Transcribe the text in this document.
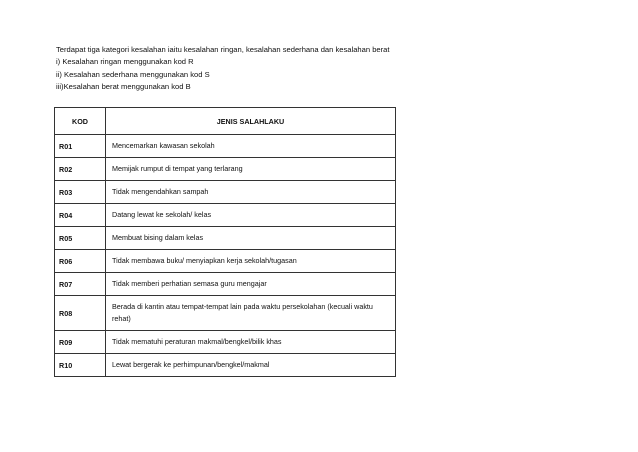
Terdapat tiga kategori kesalahan iaitu kesalahan ringan, kesalahan sederhana dan kesalahan berat
i) Kesalahan ringan menggunakan kod R
ii) Kesalahan sederhana menggunakan kod S
iii)Kesalahan berat menggunakan kod B
KOD	JENIS SALAHLAKU
R01	Mencemarkan kawasan sekolah
R02	Memijak rumput di tempat yang terlarang
R03	Tidak mengendahkan sampah
R04	Datang lewat ke sekolah/ kelas
R05	Membuat bising dalam kelas
R06	Tidak membawa buku/ menyiapkan kerja sekolah/tugasan
R07	Tidak memberi perhatian semasa guru mengajar
R08	Berada di kantin atau tempat-tempat lain pada waktu persekolahan (kecuali waktu rehat)
R09	Tidak mematuhi peraturan makmal/bengkel/bilik khas
R10	Lewat bergerak ke perhimpunan/bengkel/makmal
